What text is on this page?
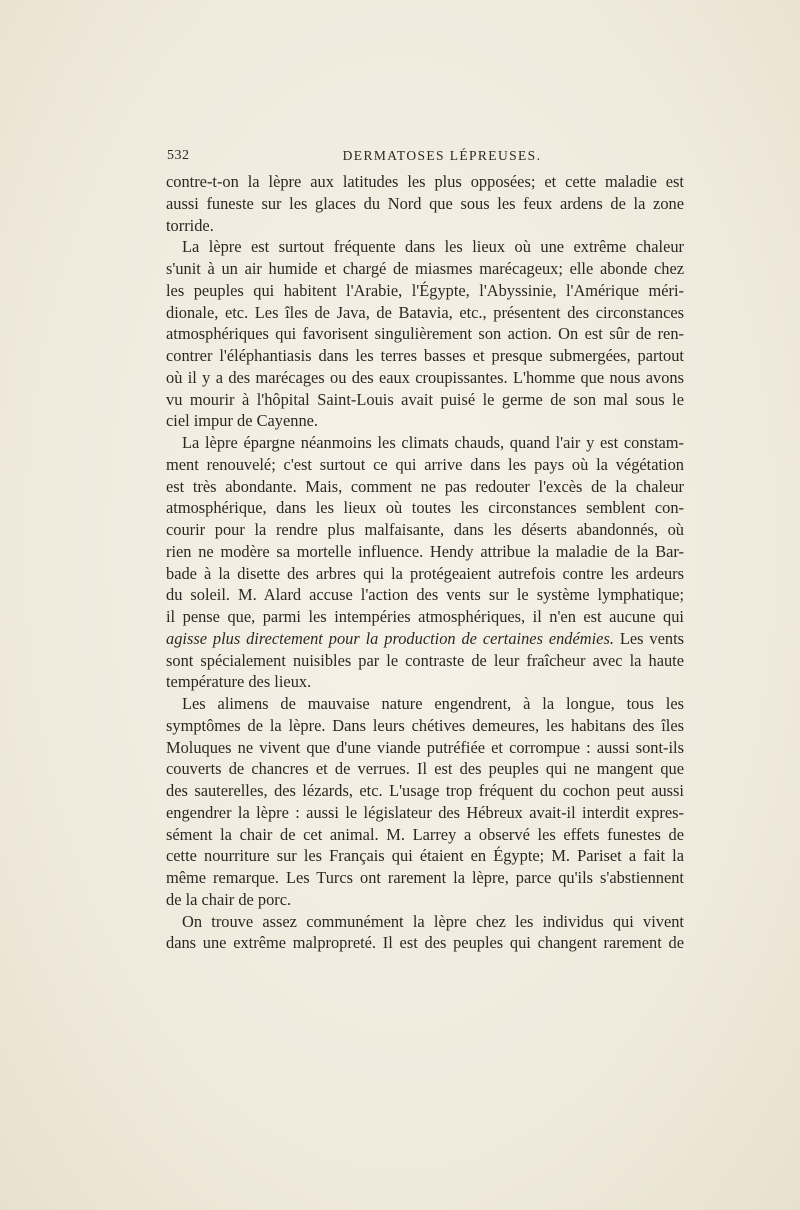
532	DERMATOSES LÉPREUSES.
contre-t-on la lèpre aux latitudes les plus opposées; et cette maladie est
aussi funeste sur les glaces du Nord que sous les feux ardens de la zone
torride.
La lèpre est surtout fréquente dans les lieux où une extrême chaleur
s'unit à un air humide et chargé de miasmes marécageux; elle abonde chez
les peuples qui habitent l'Arabie, l'Égypte, l'Abyssinie, l'Amérique méri-
dionale, etc. Les îles de Java, de Batavia, etc., présentent des circonstances
atmosphériques qui favorisent singulièrement son action. On est sûr de ren-
contrer l'éléphantiasis dans les terres basses et presque submergées, partout
où il y a des marécages ou des eaux croupissantes. L'homme que nous avons
vu mourir à l'hôpital Saint-Louis avait puisé le germe de son mal sous le
ciel impur de Cayenne.
La lèpre épargne néanmoins les climats chauds, quand l'air y est constam-
ment renouvelé; c'est surtout ce qui arrive dans les pays où la végétation
est très abondante. Mais, comment ne pas redouter l'excès de la chaleur
atmosphérique, dans les lieux où toutes les circonstances semblent con-
courir pour la rendre plus malfaisante, dans les déserts abandonnés, où
rien ne modère sa mortelle influence. Hendy attribue la maladie de la Bar-
bade à la disette des arbres qui la protégeaient autrefois contre les ardeurs
du soleil. M. Alard accuse l'action des vents sur le système lymphatique;
il pense que, parmi les intempéries atmosphériques, il n'en est aucune qui
agisse plus directement pour la production de certaines endémies. Les vents
sont spécialement nuisibles par le contraste de leur fraîcheur avec la haute
température des lieux.
Les alimens de mauvaise nature engendrent, à la longue, tous les
symptômes de la lèpre. Dans leurs chétives demeures, les habitans des îles
Moluques ne vivent que d'une viande putréfiée et corrompue : aussi sont-ils
couverts de chancres et de verrues. Il est des peuples qui ne mangent que
des sauterelles, des lézards, etc. L'usage trop fréquent du cochon peut aussi
engendrer la lèpre : aussi le législateur des Hébreux avait-il interdit expres-
sément la chair de cet animal. M. Larrey a observé les effets funestes de
cette nourriture sur les Français qui étaient en Égypte; M. Pariset a fait la
même remarque. Les Turcs ont rarement la lèpre, parce qu'ils s'abstiennent
de la chair de porc.
On trouve assez communément la lèpre chez les individus qui vivent
dans une extrême malpropreté. Il est des peuples qui changent rarement de
